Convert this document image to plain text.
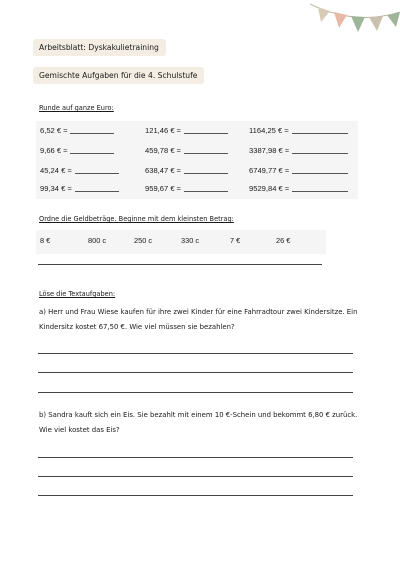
Arbeitsblatt: Dyskakulietraining
Gemischte Aufgaben für die 4. Schulstufe
Runde auf ganze Euro:
6,52 € ≈	121,46 € ≈	1164,25 € ≈
9,66 € ≈	459,78 € ≈	3387,98 € ≈
45,24 € ≈	638,47 € ≈	6749,77 € ≈
99,34 € ≈	959,67 € ≈	9529,84 € ≈
Ordne die Geldbeträge. Beginne mit dem kleinsten Betrag:
8 €	800 c	250 c	330 c	7 €	26 €
Löse die Textaufgaben:
a) Herr und Frau Wiese kaufen für ihre zwei Kinder für eine Fahrradtour zwei Kindersitze. Ein Kindersitz kostet 67,50 €. Wie viel müssen sie bezahlen?
b) Sandra kauft sich ein Eis. Sie bezahlt mit einem 10 €-Schein und bekommt 6,80 € zurück. Wie viel kostet das Eis?
